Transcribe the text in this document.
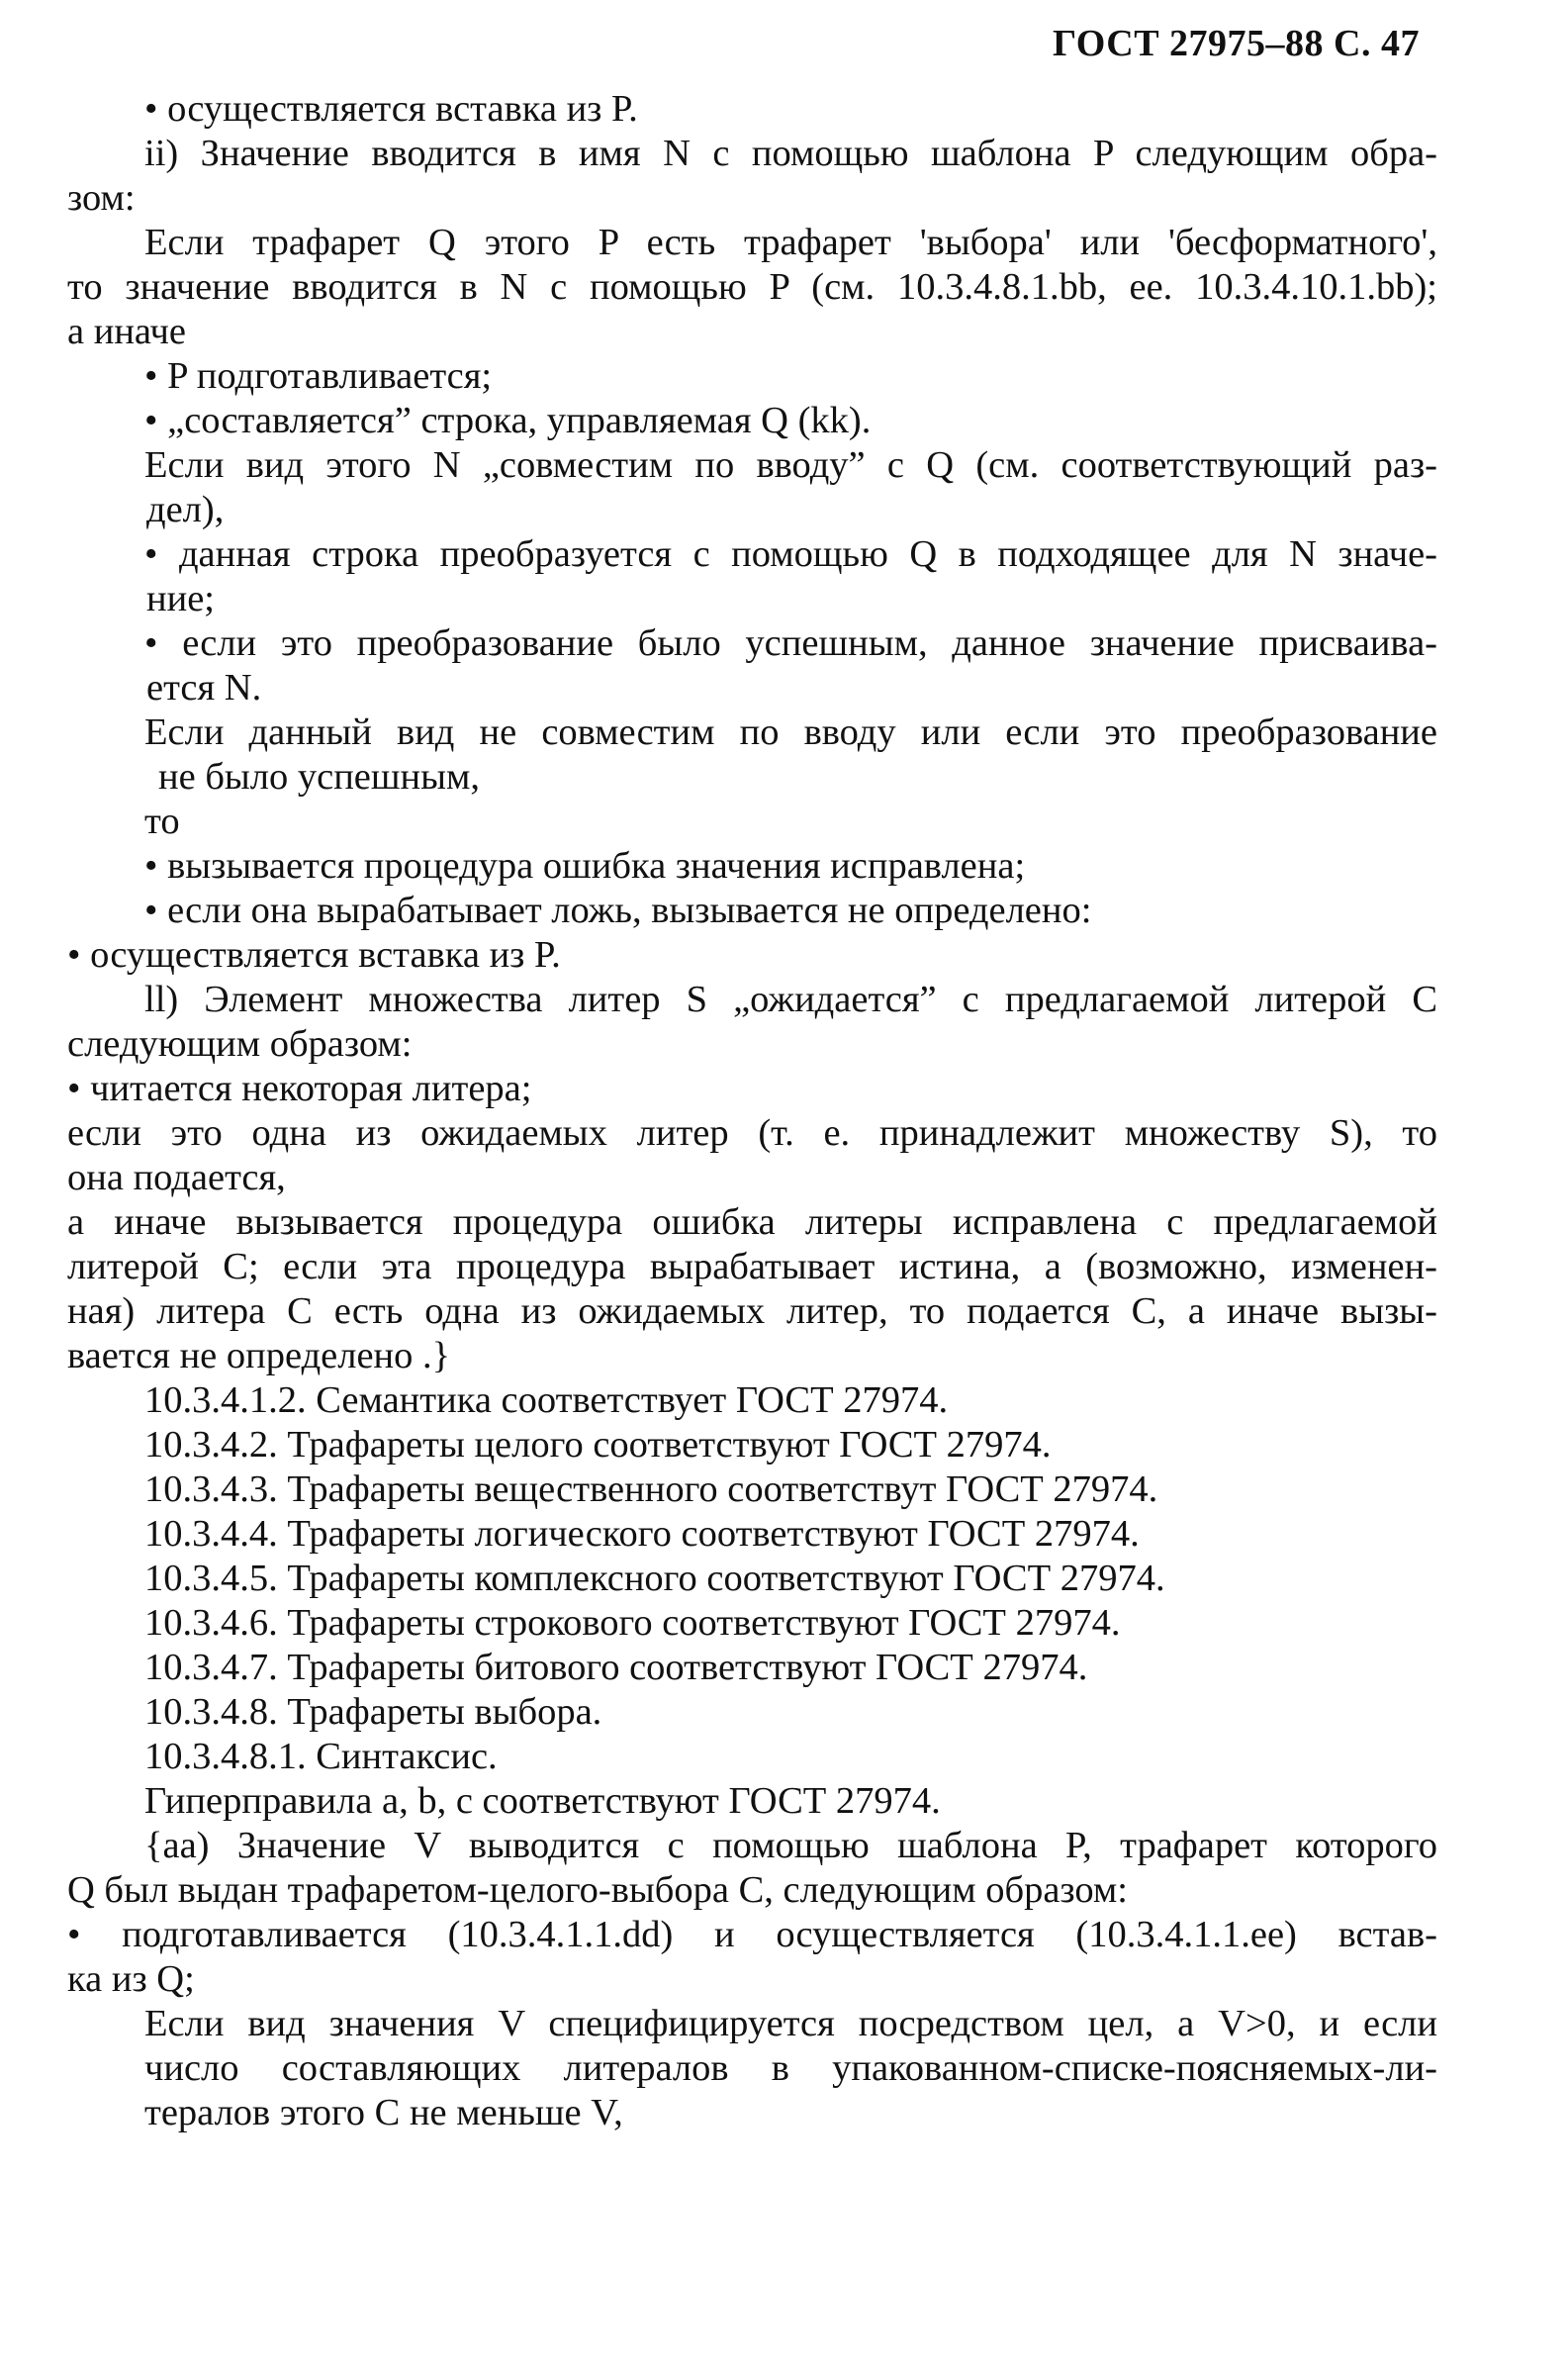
ГОСТ 27975–88 С. 47

• осуществляется вставка из P.

ii) Значение вводится в имя N с помощью шаблона P следующим обра-

зом:

Если трафарет Q этого P есть трафарет 'выбора' или 'бесформатного',

то значение вводится в N с помощью P (см. 10.3.4.8.1.bb, ее. 10.3.4.10.1.bb);

а иначе

• P подготавливается;

• „составляется” строка, управляемая Q (kk).

Если вид этого N „совместим по вводу” с Q (см. соответствующий раз-

дел),

• данная строка преобразуется с помощью Q в подходящее для N значе-

ние;

• если это преобразование было успешным, данное значение присваива-

ется N.

Если данный вид не совместим по вводу или если это преобразование

не было успешным,

то

• вызывается процедура ошибка значения исправлена;

• если она вырабатывает ложь, вызывается не определено:

• осуществляется вставка из P.

ll) Элемент множества литер S „ожидается” с предлагаемой литерой C

следующим образом:

• читается некоторая литера;

если это одна из ожидаемых литер (т. е. принадлежит множеству S), то

она подается,

а иначе вызывается процедура ошибка литеры исправлена с предлагаемой

литерой C; если эта процедура вырабатывает истина, а (возможно, изменен-

ная) литера C есть одна из ожидаемых литер, то подается C, а иначе вызы-

вается не определено .}

10.3.4.1.2. Семантика соответствует ГОСТ 27974.

10.3.4.2. Трафареты целого соответствуют ГОСТ 27974.

10.3.4.3. Трафареты вещественного соответствут ГОСТ 27974.

10.3.4.4. Трафареты логического соответствуют ГОСТ 27974.

10.3.4.5. Трафареты комплексного соответствуют ГОСТ 27974.

10.3.4.6. Трафареты строкового соответствуют ГОСТ 27974.

10.3.4.7. Трафареты битового соответствуют ГОСТ 27974.

10.3.4.8. Трафареты выбора.

10.3.4.8.1. Синтаксис.

Гиперправила a, b, c соответствуют ГОСТ 27974.

{aa) Значение V выводится с помощью шаблона P, трафарет которого

Q был выдан трафаретом-целого-выбора C, следующим образом:

• подготавливается (10.3.4.1.1.dd) и осуществляется (10.3.4.1.1.ee) встав-

ка из Q;

Если вид значения V специфицируется посредством цел, а V>0, и если

число составляющих литералов в упакованном-списке-поясняемых-ли-

тералов этого C не меньше V,
